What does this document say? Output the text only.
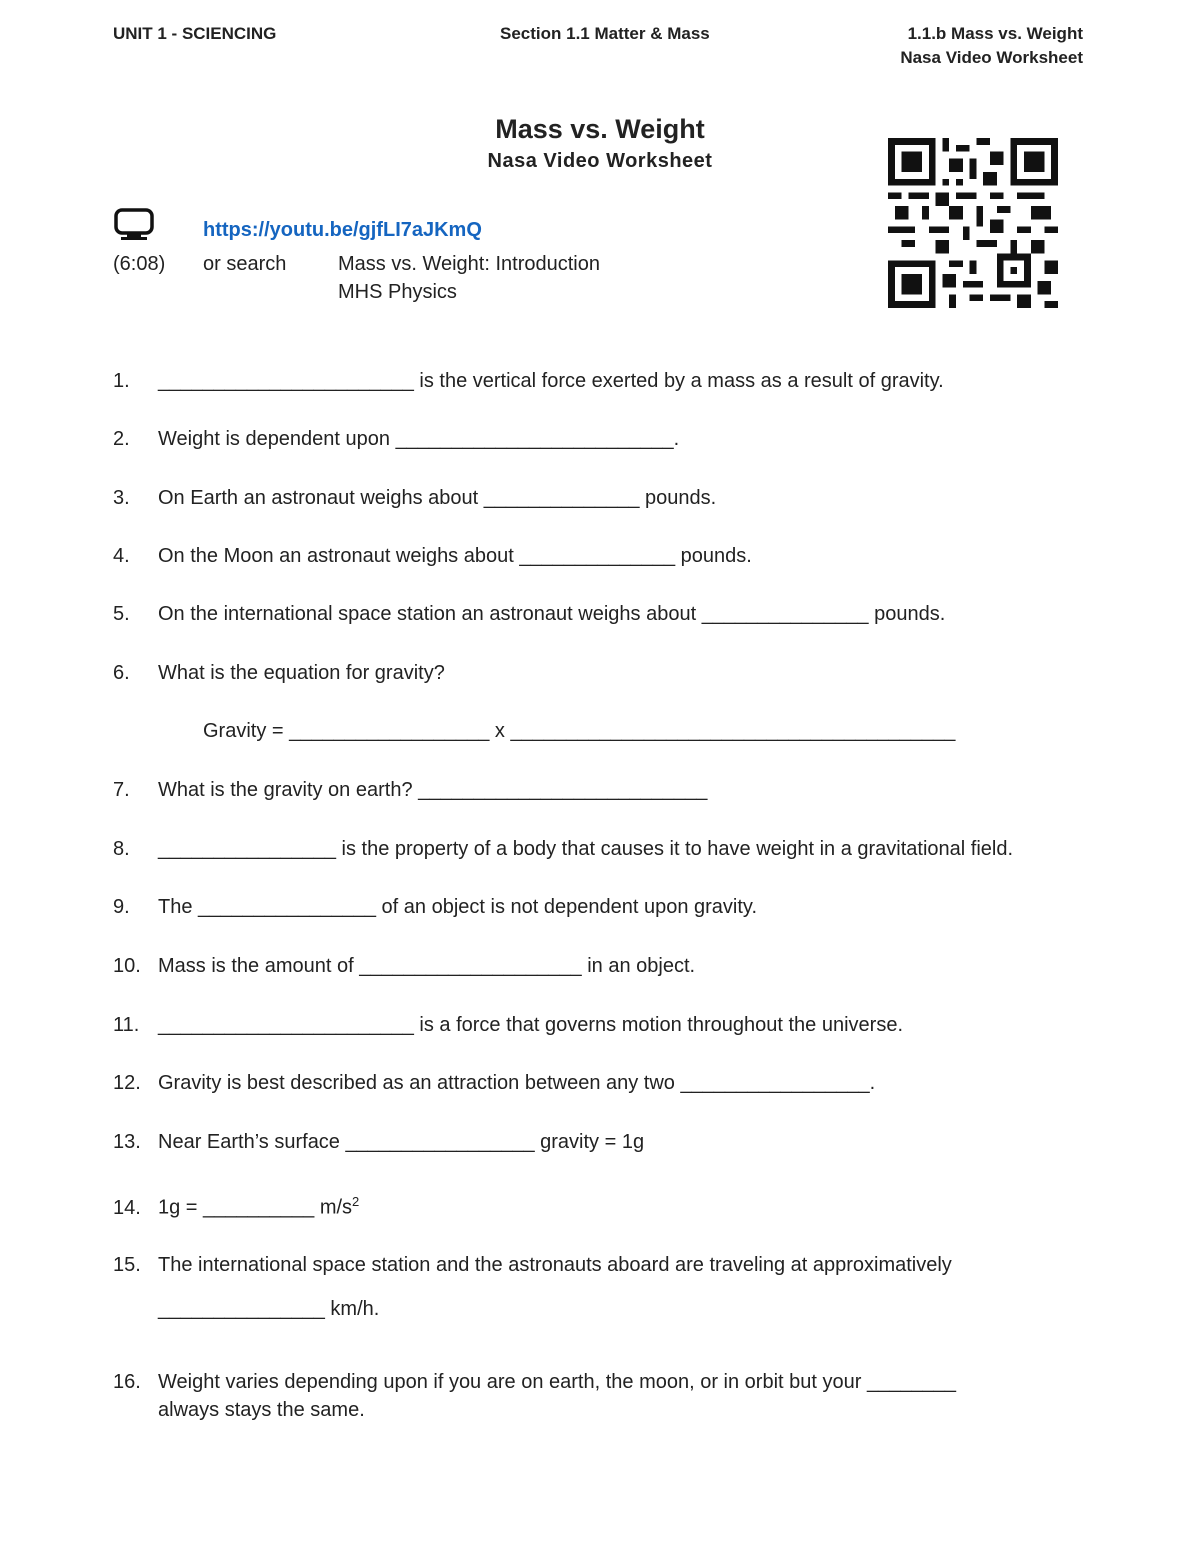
UNIT 1 - SCIENCING	Section 1.1 Matter & Mass	1.1.b Mass vs. Weight
Nasa Video Worksheet
Mass vs. Weight
Nasa Video Worksheet
https://youtu.be/gjfLI7aJKmQ
(6:08) or search	Mass vs. Weight: Introduction
MHS Physics
1. _______________________ is the vertical force exerted by a mass as a result of gravity.
2. Weight is dependent upon _________________________.
3. On Earth an astronaut weighs about ______________ pounds.
4. On the Moon an astronaut weighs about ______________ pounds.
5. On the international space station an astronaut weighs about _______________ pounds.
6. What is the equation for gravity?
Gravity = __________________ x ________________________________________
7. What is the gravity on earth? __________________________
8. ________________ is the property of a body that causes it to have weight in a gravitational field.
9. The ________________ of an object is not dependent upon gravity.
10. Mass is the amount of ____________________ in an object.
11. _______________________ is a force that governs motion throughout the universe.
12. Gravity is best described as an attraction between any two _________________.
13. Near Earth’s surface _________________ gravity = 1g
14. 1g = __________ $m/s^2$
15. The international space station and the astronauts aboard are traveling at approximatively
_______________ km/h.
16. Weight varies depending upon if you are on earth, the moon, or in orbit but your ________
always stays the same.
